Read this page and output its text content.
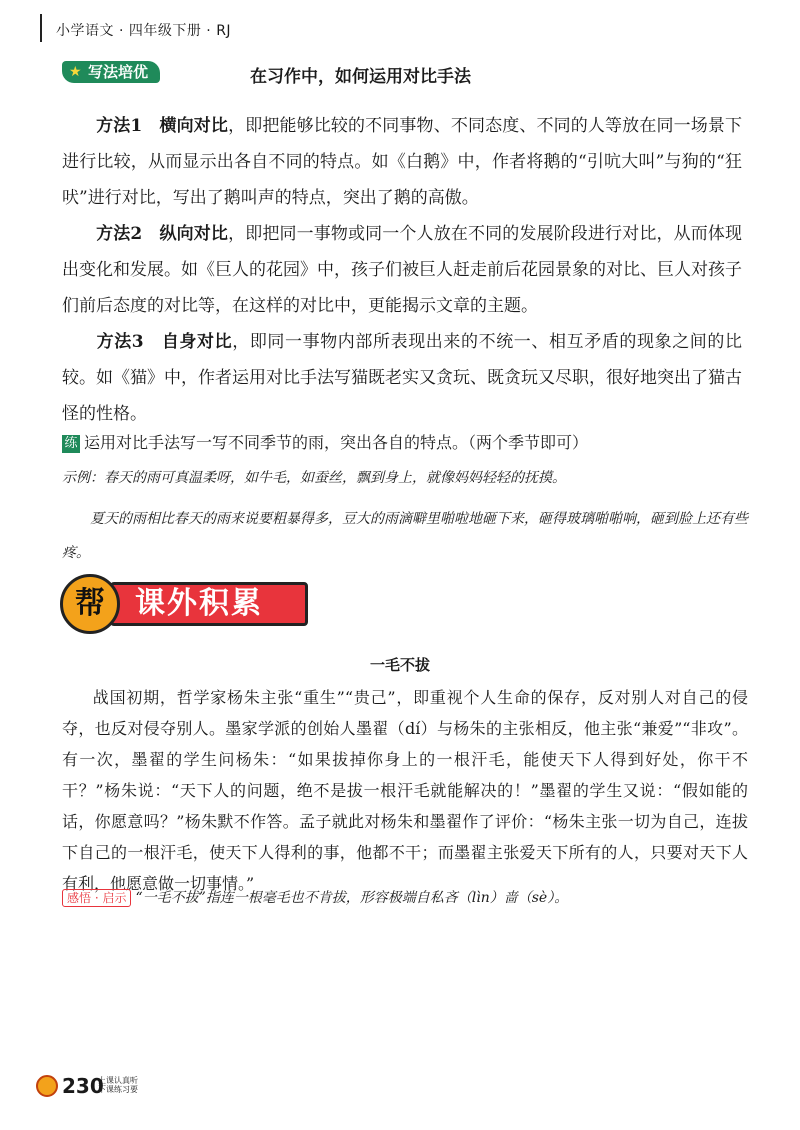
小学语文 · 四年级下册 · RJ
★ 写法培优	在习作中，如何运用对比手法

方法1　横向对比，即把能够比较的不同事物、不同态度、不同的人等放在同一场景下进行比较，从而显示出各自不同的特点。如《白鹅》中，作者将鹅的“引吭大叫”与狗的“狂吠”进行对比，写出了鹅叫声的特点，突出了鹅的高傲。

方法2　纵向对比，即把同一事物或同一个人放在不同的发展阶段进行对比，从而体现出变化和发展。如《巨人的花园》中，孩子们被巨人赶走前后花园景象的对比、巨人对孩子们前后态度的对比等，在这样的对比中，更能揭示文章的主题。

方法3　自身对比，即同一事物内部所表现出来的不统一、相互矛盾的现象之间的比较。如《猫》中，作者运用对比手法写猫既老实又贪玩、既贪玩又尽职，很好地突出了猫古怪的性格。

练 运用对比手法写一写不同季节的雨，突出各自的特点。（两个季节即可）

示例：春天的雨可真温柔呀，如牛毛，如蚕丝，飘到身上，就像妈妈轻轻的抚摸。

夏天的雨相比春天的雨来说要粗暴得多，豆大的雨滴噼里啪啦地砸下来，砸得玻璃啪啪响，砸到脸上还有些疼。

课外积累
帮
一毛不拔

战国初期，哲学家杨朱主张“重生”“贵己”，即重视个人生命的保存，反对别人对自己的侵夺，也反对侵夺别人。墨家学派的创始人墨翟（dí）与杨朱的主张相反，他主张“兼爱”“非攻”。有一次，墨翟的学生问杨朱：“如果拔掉你身上的一根汗毛，能使天下人得到好处，你干不干？”杨朱说：“天下人的问题，绝不是拔一根汗毛就能解决的！”墨翟的学生又说：“假如能的话，你愿意吗？”杨朱默不作答。孟子就此对杨朱和墨翟作了评价：“杨朱主张一切为自己，连拔下自己的一根汗毛，使天下人得利的事，他都不干；而墨翟主张爱天下所有的人，只要对天下人有利，他愿意做一切事情。”

感悟 · 启示 “一毛不拔”指连一根毫毛也不肯拔，形容极端自私吝（lìn）啬（sè）。
230
上课认真听
下课练习要
